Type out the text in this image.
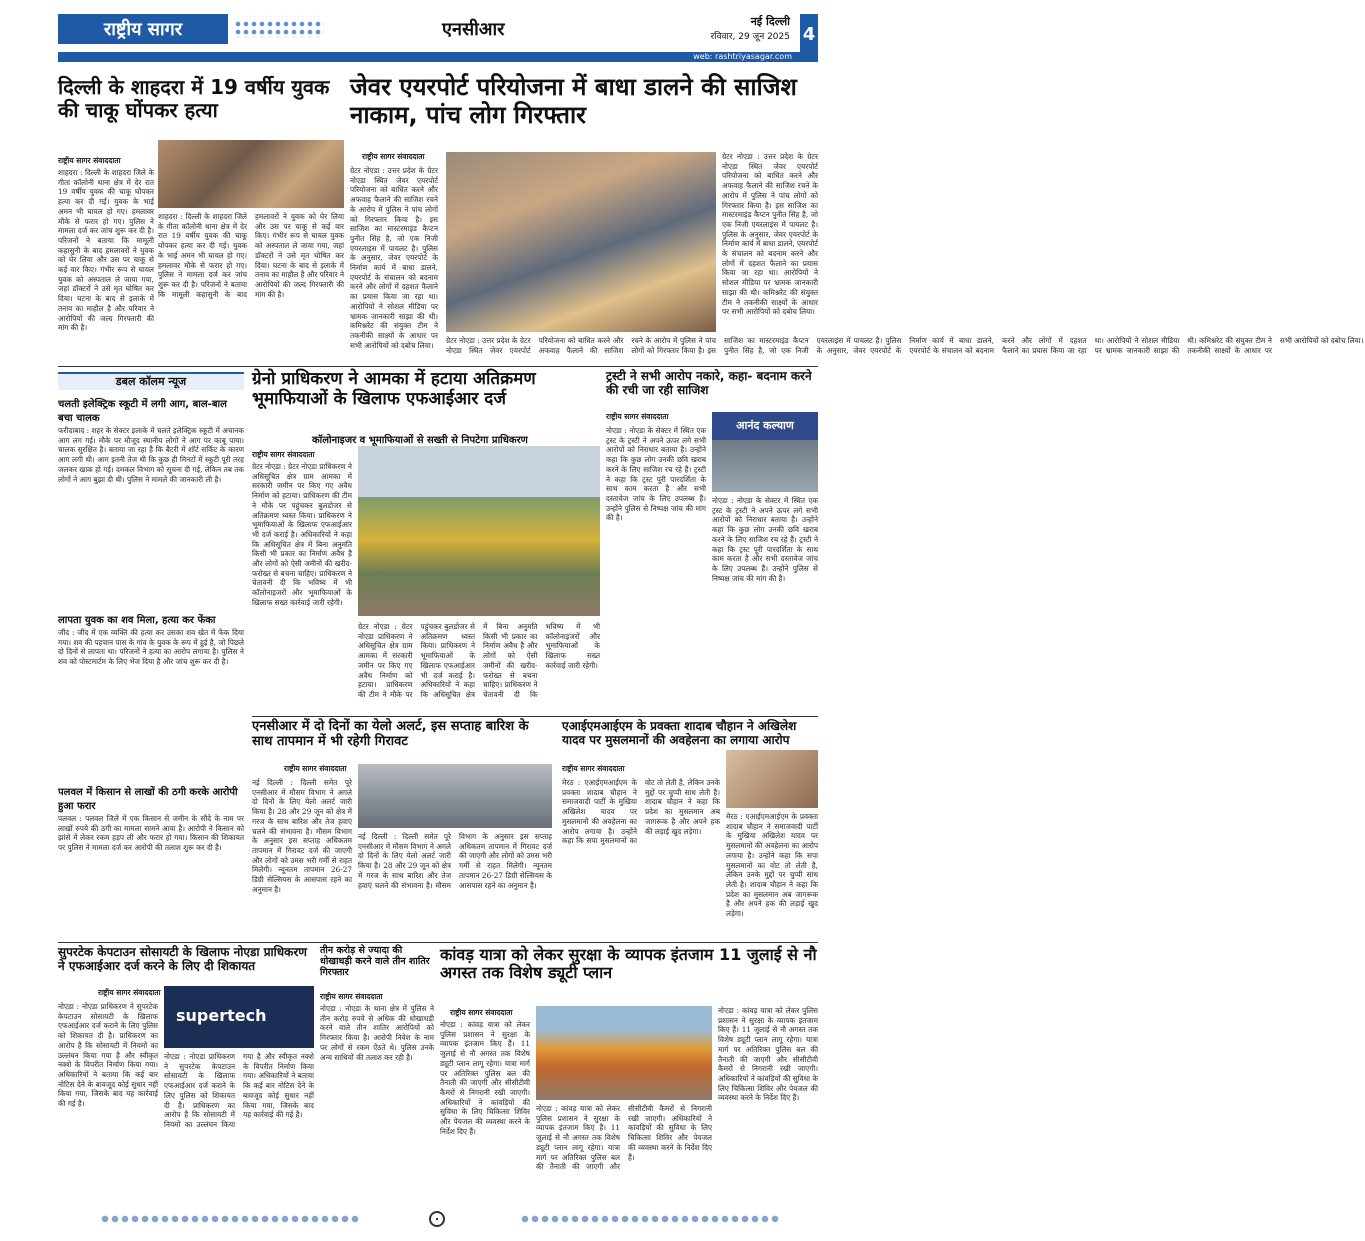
राष्ट्रीय सागर	एनसीआर	नई दिल्ली
रविवार, 29 जून 2025 4
web: rashtriyasagar.com
दिल्ली के शाहदरा में 19 वर्षीय युवक की चाकू घोंपकर हत्या
राष्ट्रीय सागर संवाददाता
शाहदरा : दिल्ली के शाहदरा जिले के गीता कॉलोनी थाना क्षेत्र में देर रात 19 वर्षीय युवक की चाकू घोंपकर हत्या कर दी गई। युवक के भाई अमन भी घायल हो गए। हमलावर मौके से फरार हो गए। पुलिस ने मामला दर्ज कर जांच शुरू कर दी है। परिजनों ने बताया कि मामूली कहासुनी के बाद हमलावरों ने युवक को घेर लिया और उस पर चाकू से कई वार किए। गंभीर रूप से घायल युवक को अस्पताल ले जाया गया, जहां डॉक्टरों ने उसे मृत घोषित कर दिया। घटना के बाद से इलाके में तनाव का माहौल है और परिवार ने आरोपियों की जल्द गिरफ्तारी की मांग की है।
शाहदरा : दिल्ली के शाहदरा जिले के गीता कॉलोनी थाना क्षेत्र में देर रात 19 वर्षीय युवक की चाकू घोंपकर हत्या कर दी गई। युवक के भाई अमन भी घायल हो गए। हमलावर मौके से फरार हो गए। पुलिस ने मामला दर्ज कर जांच शुरू कर दी है। परिजनों ने बताया कि मामूली कहासुनी के बाद हमलावरों ने युवक को घेर लिया और उस पर चाकू से कई वार किए। गंभीर रूप से घायल युवक को अस्पताल ले जाया गया, जहां डॉक्टरों ने उसे मृत घोषित कर दिया। घटना के बाद से इलाके में तनाव का माहौल है और परिवार ने आरोपियों की जल्द गिरफ्तारी की मांग की है।
जेवर एयरपोर्ट परियोजना में बाधा डालने की साजिश नाकाम, पांच लोग गिरफ्तार
राष्ट्रीय सागर संवाददाता
ग्रेटर नोएडा : उत्तर प्रदेश के ग्रेटर नोएडा स्थित जेवर एयरपोर्ट परियोजना को बाधित करने और अफवाह फैलाने की साजिश रचने के आरोप में पुलिस ने पांच लोगों को गिरफ्तार किया है। इस साजिश का मास्टरमाइंड कैप्टन पुनीत सिंह है, जो एक निजी एयरलाइंस में पायलट है। पुलिस के अनुसार, जेवर एयरपोर्ट के निर्माण कार्य में बाधा डालने, एयरपोर्ट के संचालन को बदनाम करने और लोगों में दहशत फैलाने का प्रयास किया जा रहा था। आरोपियों ने सोशल मीडिया पर भ्रामक जानकारी साझा की थी। कमिश्नरेट की संयुक्त टीम ने तकनीकी साक्ष्यों के आधार पर सभी आरोपियों को दबोच लिया।
ग्रेटर नोएडा : उत्तर प्रदेश के ग्रेटर नोएडा स्थित जेवर एयरपोर्ट परियोजना को बाधित करने और अफवाह फैलाने की साजिश रचने के आरोप में पुलिस ने पांच लोगों को गिरफ्तार किया है। इस साजिश का मास्टरमाइंड कैप्टन पुनीत सिंह है, जो एक निजी एयरलाइंस में पायलट है। पुलिस के अनुसार, जेवर एयरपोर्ट के निर्माण कार्य में बाधा डालने, एयरपोर्ट के संचालन को बदनाम करने और लोगों में दहशत फैलाने का प्रयास किया जा रहा था। आरोपियों ने सोशल मीडिया पर भ्रामक जानकारी साझा की थी। कमिश्नरेट की संयुक्त टीम ने तकनीकी साक्ष्यों के आधार पर सभी आरोपियों को दबोच लिया।
ग्रेटर नोएडा : उत्तर प्रदेश के ग्रेटर नोएडा स्थित जेवर एयरपोर्ट परियोजना को बाधित करने और अफवाह फैलाने की साजिश रचने के आरोप में पुलिस ने पांच लोगों को गिरफ्तार किया है। इस साजिश का मास्टरमाइंड कैप्टन पुनीत सिंह है, जो एक निजी एयरलाइंस में पायलट है। पुलिस के अनुसार, जेवर एयरपोर्ट के निर्माण कार्य में बाधा डालने, एयरपोर्ट के संचालन को बदनाम करने और लोगों में दहशत फैलाने का प्रयास किया जा रहा था। आरोपियों ने सोशल मीडिया पर भ्रामक जानकारी साझा की थी। कमिश्नरेट की संयुक्त टीम ने तकनीकी साक्ष्यों के आधार पर सभी आरोपियों को दबोच लिया।
डबल कॉलम न्यूज
चलती इलेक्ट्रिक स्कूटी में लगी आग, बाल-बाल बचा चालक
फरीदाबाद : शहर के सेक्टर इलाके में चलते इलेक्ट्रिक स्कूटी में अचानक आग लग गई। मौके पर मौजूद स्थानीय लोगों ने आग पर काबू पाया। चालक सुरक्षित है। बताया जा रहा है कि बैटरी में शॉर्ट सर्किट के कारण आग लगी थी। आग इतनी तेज थी कि कुछ ही मिनटों में स्कूटी पूरी तरह जलकर खाक हो गई। दमकल विभाग को सूचना दी गई, लेकिन तब तक लोगों ने आग बुझा दी थी। पुलिस ने मामले की जानकारी ली है।
लापता युवक का शव मिला, हत्या कर फेंका
जींद : जींद में एक व्यक्ति की हत्या कर उसका शव खेत में फेंक दिया गया। शव की पहचान पास के गांव के युवक के रूप में हुई है, जो पिछले दो दिनों से लापता था। परिजनों ने हत्या का आरोप लगाया है। पुलिस ने शव को पोस्टमार्टम के लिए भेज दिया है और जांच शुरू कर दी है।
पलवल में किसान से लाखों की ठगी करके आरोपी हुआ फरार
पलवल : पलवल जिले में एक किसान से जमीन के सौदे के नाम पर लाखों रुपये की ठगी का मामला सामने आया है। आरोपी ने किसान को झांसे में लेकर रकम हड़प ली और फरार हो गया। किसान की शिकायत पर पुलिस ने मामला दर्ज कर आरोपी की तलाश शुरू कर दी है।
ग्रेनो प्राधिकरण ने आमका में हटाया अतिक्रमण भूमाफियाओं के खिलाफ एफआईआर दर्ज
कॉलोनाइजर व भूमाफियाओं से सख्ती से निपटेगा प्राधिकरण
राष्ट्रीय सागर संवाददाता
ग्रेटर नोएडा : ग्रेटर नोएडा प्राधिकरण ने अधिसूचित क्षेत्र ग्राम आमका में सरकारी जमीन पर किए गए अवैध निर्माण को हटाया। प्राधिकरण की टीम ने मौके पर पहुंचकर बुलडोजर से अतिक्रमण ध्वस्त किया। प्राधिकरण ने भूमाफियाओं के खिलाफ एफआईआर भी दर्ज कराई है। अधिकारियों ने कहा कि अधिसूचित क्षेत्र में बिना अनुमति किसी भी प्रकार का निर्माण अवैध है और लोगों को ऐसी जमीनों की खरीद-फरोख्त से बचना चाहिए। प्राधिकरण ने चेतावनी दी कि भविष्य में भी कॉलोनाइजरों और भूमाफियाओं के खिलाफ सख्त कार्रवाई जारी रहेगी।
ग्रेटर नोएडा : ग्रेटर नोएडा प्राधिकरण ने अधिसूचित क्षेत्र ग्राम आमका में सरकारी जमीन पर किए गए अवैध निर्माण को हटाया। प्राधिकरण की टीम ने मौके पर पहुंचकर बुलडोजर से अतिक्रमण ध्वस्त किया। प्राधिकरण ने भूमाफियाओं के खिलाफ एफआईआर भी दर्ज कराई है। अधिकारियों ने कहा कि अधिसूचित क्षेत्र में बिना अनुमति किसी भी प्रकार का निर्माण अवैध है और लोगों को ऐसी जमीनों की खरीद-फरोख्त से बचना चाहिए। प्राधिकरण ने चेतावनी दी कि भविष्य में भी कॉलोनाइजरों और भूमाफियाओं के खिलाफ सख्त कार्रवाई जारी रहेगी।
ट्रस्टी ने सभी आरोप नकारे, कहा- बदनाम करने की रची जा रही साजिश
राष्ट्रीय सागर संवाददाता
नोएडा : नोएडा के सेक्टर में स्थित एक ट्रस्ट के ट्रस्टी ने अपने ऊपर लगे सभी आरोपों को निराधार बताया है। उन्होंने कहा कि कुछ लोग उनकी छवि खराब करने के लिए साजिश रच रहे हैं। ट्रस्टी ने कहा कि ट्रस्ट पूरी पारदर्शिता के साथ काम करता है और सभी दस्तावेज जांच के लिए उपलब्ध हैं। उन्होंने पुलिस से निष्पक्ष जांच की मांग की है।
आनंद कल्याण
नोएडा : नोएडा के सेक्टर में स्थित एक ट्रस्ट के ट्रस्टी ने अपने ऊपर लगे सभी आरोपों को निराधार बताया है। उन्होंने कहा कि कुछ लोग उनकी छवि खराब करने के लिए साजिश रच रहे हैं। ट्रस्टी ने कहा कि ट्रस्ट पूरी पारदर्शिता के साथ काम करता है और सभी दस्तावेज जांच के लिए उपलब्ध हैं। उन्होंने पुलिस से निष्पक्ष जांच की मांग की है।
एनसीआर में दो दिनों का येलो अलर्ट, इस सप्ताह बारिश के साथ तापमान में भी रहेगी गिरावट
राष्ट्रीय सागर संवाददाता
नई दिल्ली : दिल्ली समेत पूरे एनसीआर में मौसम विभाग ने अगले दो दिनों के लिए येलो अलर्ट जारी किया है। 28 और 29 जून को क्षेत्र में गरज के साथ बारिश और तेज हवाएं चलने की संभावना है। मौसम विभाग के अनुसार इस सप्ताह अधिकतम तापमान में गिरावट दर्ज की जाएगी और लोगों को उमस भरी गर्मी से राहत मिलेगी। न्यूनतम तापमान 26-27 डिग्री सेल्सियस के आसपास रहने का अनुमान है।
नई दिल्ली : दिल्ली समेत पूरे एनसीआर में मौसम विभाग ने अगले दो दिनों के लिए येलो अलर्ट जारी किया है। 28 और 29 जून को क्षेत्र में गरज के साथ बारिश और तेज हवाएं चलने की संभावना है। मौसम विभाग के अनुसार इस सप्ताह अधिकतम तापमान में गिरावट दर्ज की जाएगी और लोगों को उमस भरी गर्मी से राहत मिलेगी। न्यूनतम तापमान 26-27 डिग्री सेल्सियस के आसपास रहने का अनुमान है।
एआईएमआईएम के प्रवक्ता शादाब चौहान ने अखिलेश यादव पर मुसलमानों की अवहेलना का लगाया आरोप
राष्ट्रीय सागर संवाददाता
मेरठ : एआईएमआईएम के प्रवक्ता शादाब चौहान ने समाजवादी पार्टी के मुखिया अखिलेश यादव पर मुसलमानों की अवहेलना का आरोप लगाया है। उन्होंने कहा कि सपा मुसलमानों का वोट तो लेती है, लेकिन उनके मुद्दों पर चुप्पी साध लेती है। शादाब चौहान ने कहा कि प्रदेश का मुसलमान अब जागरूक है और अपने हक की लड़ाई खुद लड़ेगा।
मेरठ : एआईएमआईएम के प्रवक्ता शादाब चौहान ने समाजवादी पार्टी के मुखिया अखिलेश यादव पर मुसलमानों की अवहेलना का आरोप लगाया है। उन्होंने कहा कि सपा मुसलमानों का वोट तो लेती है, लेकिन उनके मुद्दों पर चुप्पी साध लेती है। शादाब चौहान ने कहा कि प्रदेश का मुसलमान अब जागरूक है और अपने हक की लड़ाई खुद लड़ेगा।
सुपरटेक केपटाउन सोसायटी के खिलाफ नोएडा प्राधिकरण ने एफआईआर दर्ज करने के लिए दी शिकायत
राष्ट्रीय सागर संवाददाता
नोएडा : नोएडा प्राधिकरण ने सुपरटेक केपटाउन सोसायटी के खिलाफ एफआईआर दर्ज कराने के लिए पुलिस को शिकायत दी है। प्राधिकरण का आरोप है कि सोसायटी में नियमों का उल्लंघन किया गया है और स्वीकृत नक्शे के विपरीत निर्माण किया गया। अधिकारियों ने बताया कि कई बार नोटिस देने के बावजूद कोई सुधार नहीं किया गया, जिसके बाद यह कार्रवाई की गई है।
supertech
नोएडा : नोएडा प्राधिकरण ने सुपरटेक केपटाउन सोसायटी के खिलाफ एफआईआर दर्ज कराने के लिए पुलिस को शिकायत दी है। प्राधिकरण का आरोप है कि सोसायटी में नियमों का उल्लंघन किया गया है और स्वीकृत नक्शे के विपरीत निर्माण किया गया। अधिकारियों ने बताया कि कई बार नोटिस देने के बावजूद कोई सुधार नहीं किया गया, जिसके बाद यह कार्रवाई की गई है।
तीन करोड़ से ज्यादा की धोखाधड़ी करने वाले तीन शातिर गिरफ्तार
राष्ट्रीय सागर संवाददाता
नोएडा : नोएडा के थाना क्षेत्र में पुलिस ने तीन करोड़ रुपये से अधिक की धोखाधड़ी करने वाले तीन शातिर आरोपियों को गिरफ्तार किया है। आरोपी निवेश के नाम पर लोगों से रकम ऐंठते थे। पुलिस उनके अन्य साथियों की तलाश कर रही है।
कांवड़ यात्रा को लेकर सुरक्षा के व्यापक इंतजाम 11 जुलाई से नौ अगस्त तक विशेष ड्यूटी प्लान
राष्ट्रीय सागर संवाददाता
नोएडा : कांवड़ यात्रा को लेकर पुलिस प्रशासन ने सुरक्षा के व्यापक इंतजाम किए हैं। 11 जुलाई से नौ अगस्त तक विशेष ड्यूटी प्लान लागू रहेगा। यात्रा मार्ग पर अतिरिक्त पुलिस बल की तैनाती की जाएगी और सीसीटीवी कैमरों से निगरानी रखी जाएगी। अधिकारियों ने कांवड़ियों की सुविधा के लिए चिकित्सा शिविर और पेयजल की व्यवस्था करने के निर्देश दिए हैं।
नोएडा : कांवड़ यात्रा को लेकर पुलिस प्रशासन ने सुरक्षा के व्यापक इंतजाम किए हैं। 11 जुलाई से नौ अगस्त तक विशेष ड्यूटी प्लान लागू रहेगा। यात्रा मार्ग पर अतिरिक्त पुलिस बल की तैनाती की जाएगी और सीसीटीवी कैमरों से निगरानी रखी जाएगी। अधिकारियों ने कांवड़ियों की सुविधा के लिए चिकित्सा शिविर और पेयजल की व्यवस्था करने के निर्देश दिए हैं।
नोएडा : कांवड़ यात्रा को लेकर पुलिस प्रशासन ने सुरक्षा के व्यापक इंतजाम किए हैं। 11 जुलाई से नौ अगस्त तक विशेष ड्यूटी प्लान लागू रहेगा। यात्रा मार्ग पर अतिरिक्त पुलिस बल की तैनाती की जाएगी और सीसीटीवी कैमरों से निगरानी रखी जाएगी। अधिकारियों ने कांवड़ियों की सुविधा के लिए चिकित्सा शिविर और पेयजल की व्यवस्था करने के निर्देश दिए हैं।
